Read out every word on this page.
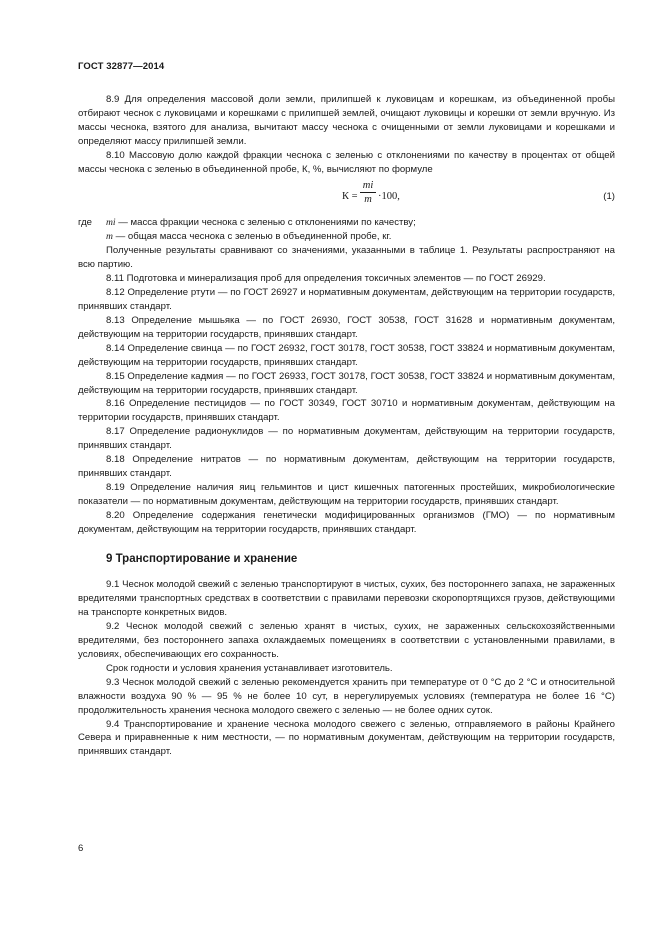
ГОСТ 32877—2014

8.9 Для определения массовой доли земли, прилипшей к луковицам и корешкам, из объединенной пробы отбирают чеснок с луковицами и корешками с прилипшей землей, очищают луковицы и корешки от земли вручную. Из массы чеснока, взятого для анализа, вычитают массу чеснока с очищенными от земли луковицами и корешками и определяют массу прилипшей земли.

8.10 Массовую долю каждой фракции чеснока с зеленью с отклонениями по качеству в процентах от общей массы чеснока с зеленью в объединенной пробе, К, %, вычисляют по формуле

$К = \frac{mi}{m} \cdot 100$,	(1)
где mi — масса фракции чеснока с зеленью с отклонениями по качеству;
m — общая масса чеснока с зеленью в объединенной пробе, кг.

Полученные результаты сравнивают со значениями, указанными в таблице 1. Результаты распространяют на всю партию.

8.11 Подготовка и минерализация проб для определения токсичных элементов — по ГОСТ 26929.

8.12 Определение ртути — по ГОСТ 26927 и нормативным документам, действующим на территории государств, принявших стандарт.

8.13 Определение мышьяка — по ГОСТ 26930, ГОСТ 30538, ГОСТ 31628 и нормативным документам, действующим на территории государств, принявших стандарт.

8.14 Определение свинца — по ГОСТ 26932, ГОСТ 30178, ГОСТ 30538, ГОСТ 33824 и нормативным документам, действующим на территории государств, принявших стандарт.

8.15 Определение кадмия — по ГОСТ 26933, ГОСТ 30178, ГОСТ 30538, ГОСТ 33824 и нормативным документам, действующим на территории государств, принявших стандарт.

8.16 Определение пестицидов — по ГОСТ 30349, ГОСТ 30710 и нормативным документам, действующим на территории государств, принявших стандарт.

8.17 Определение радионуклидов — по нормативным документам, действующим на территории государств, принявших стандарт.

8.18 Определение нитратов — по нормативным документам, действующим на территории государств, принявших стандарт.

8.19 Определение наличия яиц гельминтов и цист кишечных патогенных простейших, микробиологические показатели — по нормативным документам, действующим на территории государств, принявших стандарт.

8.20 Определение содержания генетически модифицированных организмов (ГМО) — по нормативным документам, действующим на территории государств, принявших стандарт.

9 Транспортирование и хранение

9.1 Чеснок молодой свежий с зеленью транспортируют в чистых, сухих, без постороннего запаха, не зараженных вредителями транспортных средствах в соответствии с правилами перевозки скоропортящихся грузов, действующими на транспорте конкретных видов.

9.2 Чеснок молодой свежий с зеленью хранят в чистых, сухих, не зараженных сельскохозяйственными вредителями, без постороннего запаха охлаждаемых помещениях в соответствии с установленными правилами, в условиях, обеспечивающих его сохранность.

Срок годности и условия хранения устанавливает изготовитель.

9.3 Чеснок молодой свежий с зеленью рекомендуется хранить при температуре от 0 °С до 2 °С и относительной влажности воздуха 90 % — 95 % не более 10 сут, в нерегулируемых условиях (температура не более 16 °С) продолжительность хранения чеснока молодого свежего с зеленью — не более одних суток.

9.4 Транспортирование и хранение чеснока молодого свежего с зеленью, отправляемого в районы Крайнего Севера и приравненные к ним местности, — по нормативным документам, действующим на территории государств, принявших стандарт.

6
